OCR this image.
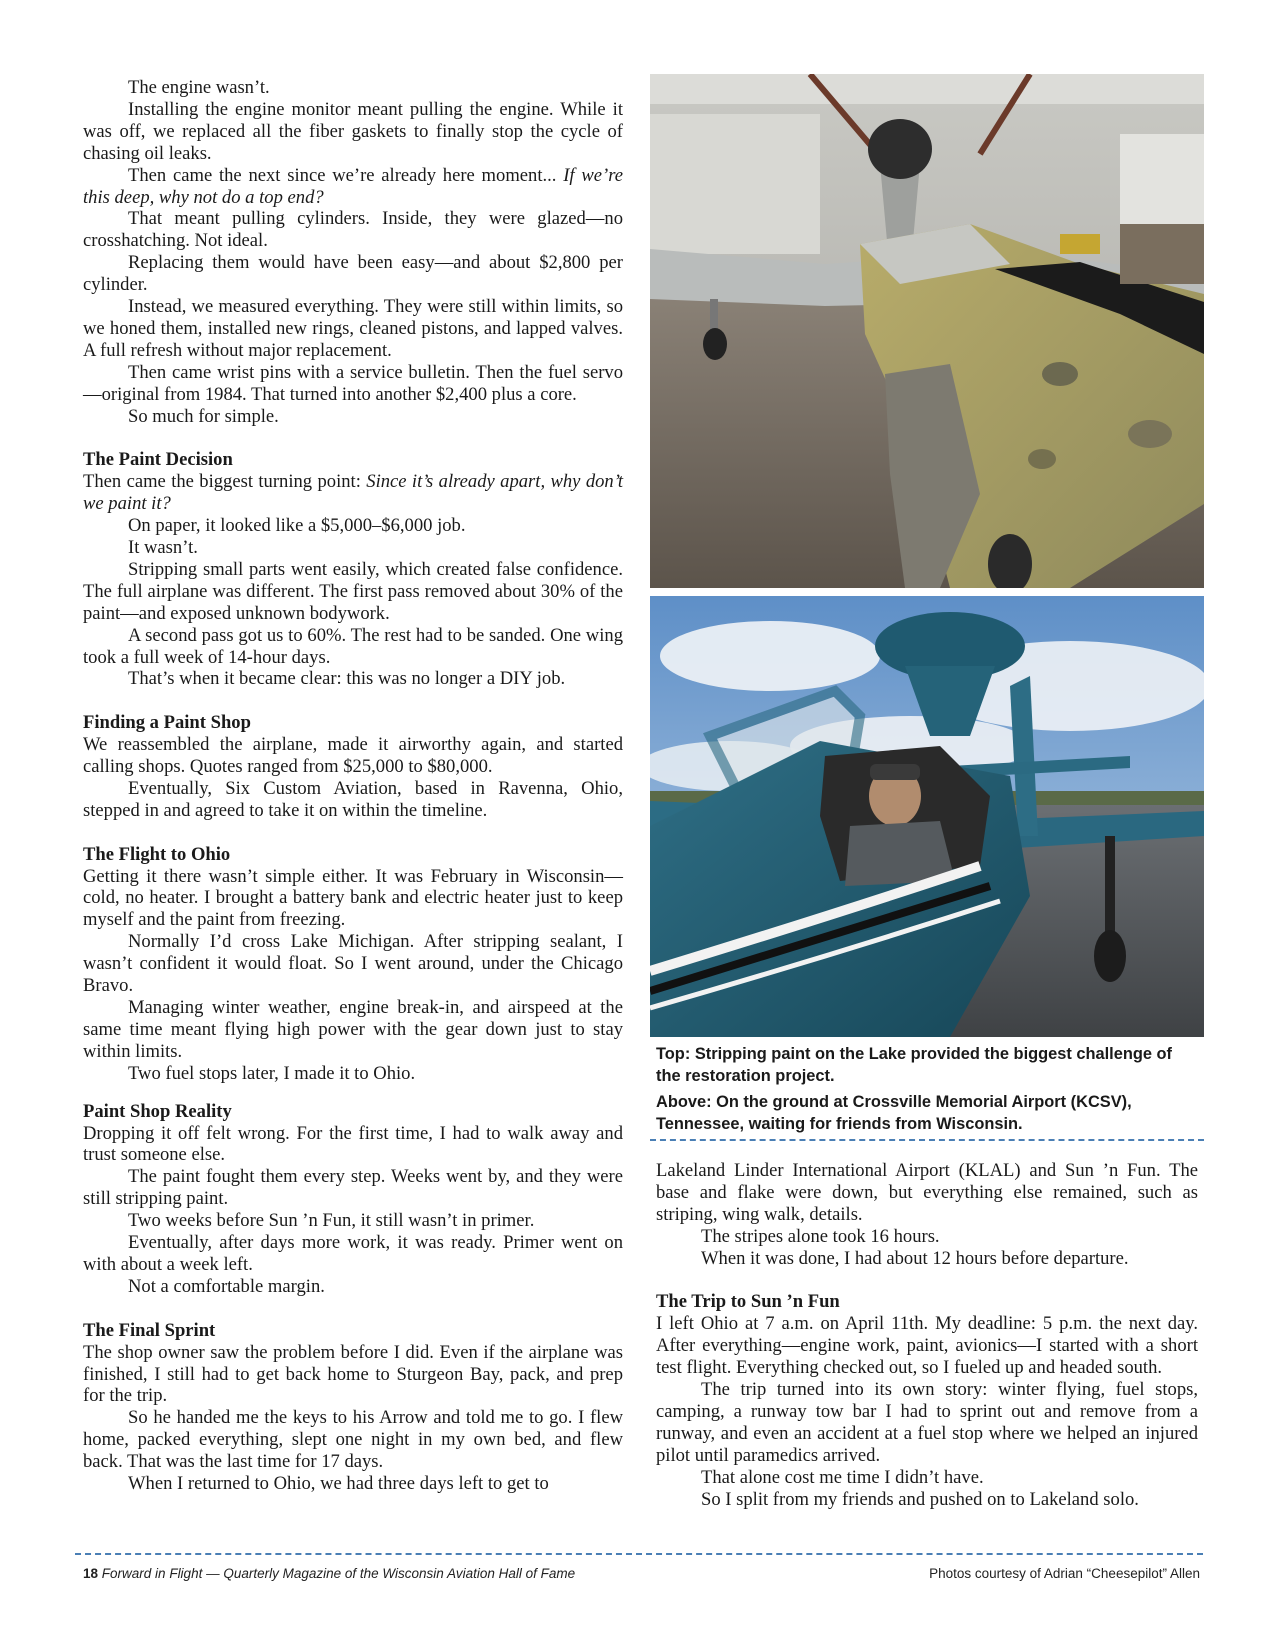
The engine wasn’t.

Installing the engine monitor meant pulling the engine. While it was off, we replaced all the fiber gaskets to finally stop the cycle of chasing oil leaks.

Then came the next since we’re already here moment... If we’re this deep, why not do a top end?

That meant pulling cylinders. Inside, they were glazed—no crosshatching. Not ideal.

Replacing them would have been easy—and about $2,800 per cylinder.

Instead, we measured everything. They were still within limits, so we honed them, installed new rings, cleaned pistons, and lapped valves. A full refresh without major replacement.

Then came wrist pins with a service bulletin. Then the fuel servo—original from 1984. That turned into another $2,400 plus a core.

So much for simple.

The Paint Decision

Then came the biggest turning point: Since it’s already apart, why don’t we paint it?

On paper, it looked like a $5,000–$6,000 job.

It wasn’t.

Stripping small parts went easily, which created false confidence. The full airplane was different. The first pass removed about 30% of the paint—and exposed unknown bodywork.

A second pass got us to 60%. The rest had to be sanded. One wing took a full week of 14-hour days.

That’s when it became clear: this was no longer a DIY job.

Finding a Paint Shop

We reassembled the airplane, made it airworthy again, and started calling shops. Quotes ranged from $25,000 to $80,000.

Eventually, Six Custom Aviation, based in Ravenna, Ohio, stepped in and agreed to take it on within the timeline.

The Flight to Ohio

Getting it there wasn’t simple either. It was February in Wisconsin—cold, no heater. I brought a battery bank and electric heater just to keep myself and the paint from freezing.

Normally I’d cross Lake Michigan. After stripping sealant, I wasn’t confident it would float. So I went around, under the Chicago Bravo.

Managing winter weather, engine break-in, and airspeed at the same time meant flying high power with the gear down just to stay within limits.

Two fuel stops later, I made it to Ohio.

Paint Shop Reality

Dropping it off felt wrong. For the first time, I had to walk away and trust someone else.

The paint fought them every step. Weeks went by, and they were still stripping paint.

Two weeks before Sun ’n Fun, it still wasn’t in primer.

Eventually, after days more work, it was ready. Primer went on with about a week left.

Not a comfortable margin.

The Final Sprint

The shop owner saw the problem before I did. Even if the airplane was finished, I still had to get back home to Sturgeon Bay, pack, and prep for the trip.

So he handed me the keys to his Arrow and told me to go. I flew home, packed everything, slept one night in my own bed, and flew back. That was the last time for 17 days.

When I returned to Ohio, we had three days left to get to

Top: Stripping paint on the Lake provided the biggest challenge of the restoration project.

Above: On the ground at Crossville Memorial Airport (KCSV), Tennessee, waiting for friends from Wisconsin.

Lakeland Linder International Airport (KLAL) and Sun ’n Fun. The base and flake were down, but everything else remained, such as striping, wing walk, details.

The stripes alone took 16 hours.

When it was done, I had about 12 hours before departure.

The Trip to Sun ’n Fun

I left Ohio at 7 a.m. on April 11th. My deadline: 5 p.m. the next day. After everything—engine work, paint, avionics—I started with a short test flight. Everything checked out, so I fueled up and headed south.

The trip turned into its own story: winter flying, fuel stops, camping, a runway tow bar I had to sprint out and remove from a runway, and even an accident at a fuel stop where we helped an injured pilot until paramedics arrived.

That alone cost me time I didn’t have.

So I split from my friends and pushed on to Lakeland solo.

18 Forward in Flight — Quarterly Magazine of the Wisconsin Aviation Hall of Fame	Photos courtesy of Adrian “Cheesepilot” Allen
